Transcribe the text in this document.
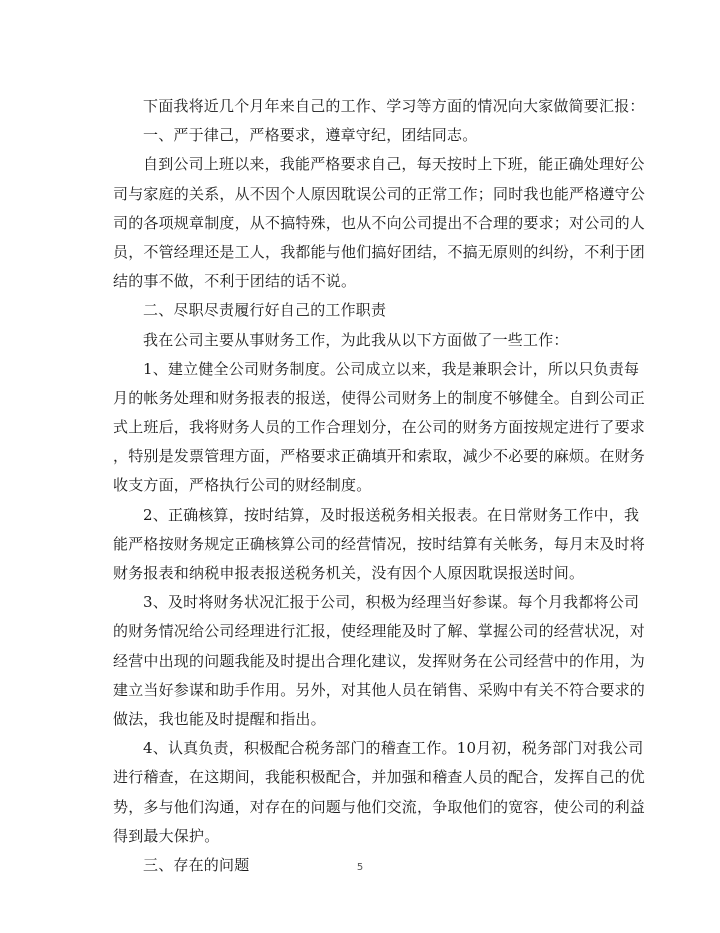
下面我将近几个月年来自己的工作、学习等方面的情况向大家做简要汇报：
一、严于律己，严格要求，遵章守纪，团结同志。
自到公司上班以来，我能严格要求自己，每天按时上下班，能正确处理好公
司与家庭的关系，从不因个人原因耽误公司的正常工作；同时我也能严格遵守公
司的各项规章制度，从不搞特殊，也从不向公司提出不合理的要求；对公司的人
员，不管经理还是工人，我都能与他们搞好团结，不搞无原则的纠纷，不利于团
结的事不做，不利于团结的话不说。
二、尽职尽责履行好自己的工作职责
我在公司主要从事财务工作，为此我从以下方面做了一些工作：
1、建立健全公司财务制度。公司成立以来，我是兼职会计，所以只负责每
月的帐务处理和财务报表的报送，使得公司财务上的制度不够健全。自到公司正
式上班后，我将财务人员的工作合理划分，在公司的财务方面按规定进行了要求
，特别是发票管理方面，严格要求正确填开和索取，减少不必要的麻烦。在财务
收支方面，严格执行公司的财经制度。
2、正确核算，按时结算，及时报送税务相关报表。在日常财务工作中，我
能严格按财务规定正确核算公司的经营情况，按时结算有关帐务，每月末及时将
财务报表和纳税申报表报送税务机关，没有因个人原因耽误报送时间。
3、及时将财务状况汇报于公司，积极为经理当好参谋。每个月我都将公司
的财务情况给公司经理进行汇报，使经理能及时了解、掌握公司的经营状况，对
经营中出现的问题我能及时提出合理化建议，发挥财务在公司经营中的作用，为
建立当好参谋和助手作用。另外，对其他人员在销售、采购中有关不符合要求的
做法，我也能及时提醒和指出。
4、认真负责，积极配合税务部门的稽查工作。10月初，税务部门对我公司
进行稽查，在这期间，我能积极配合，并加强和稽查人员的配合，发挥自己的优
势，多与他们沟通，对存在的问题与他们交流，争取他们的宽容，使公司的利益
得到最大保护。
三、存在的问题	5
